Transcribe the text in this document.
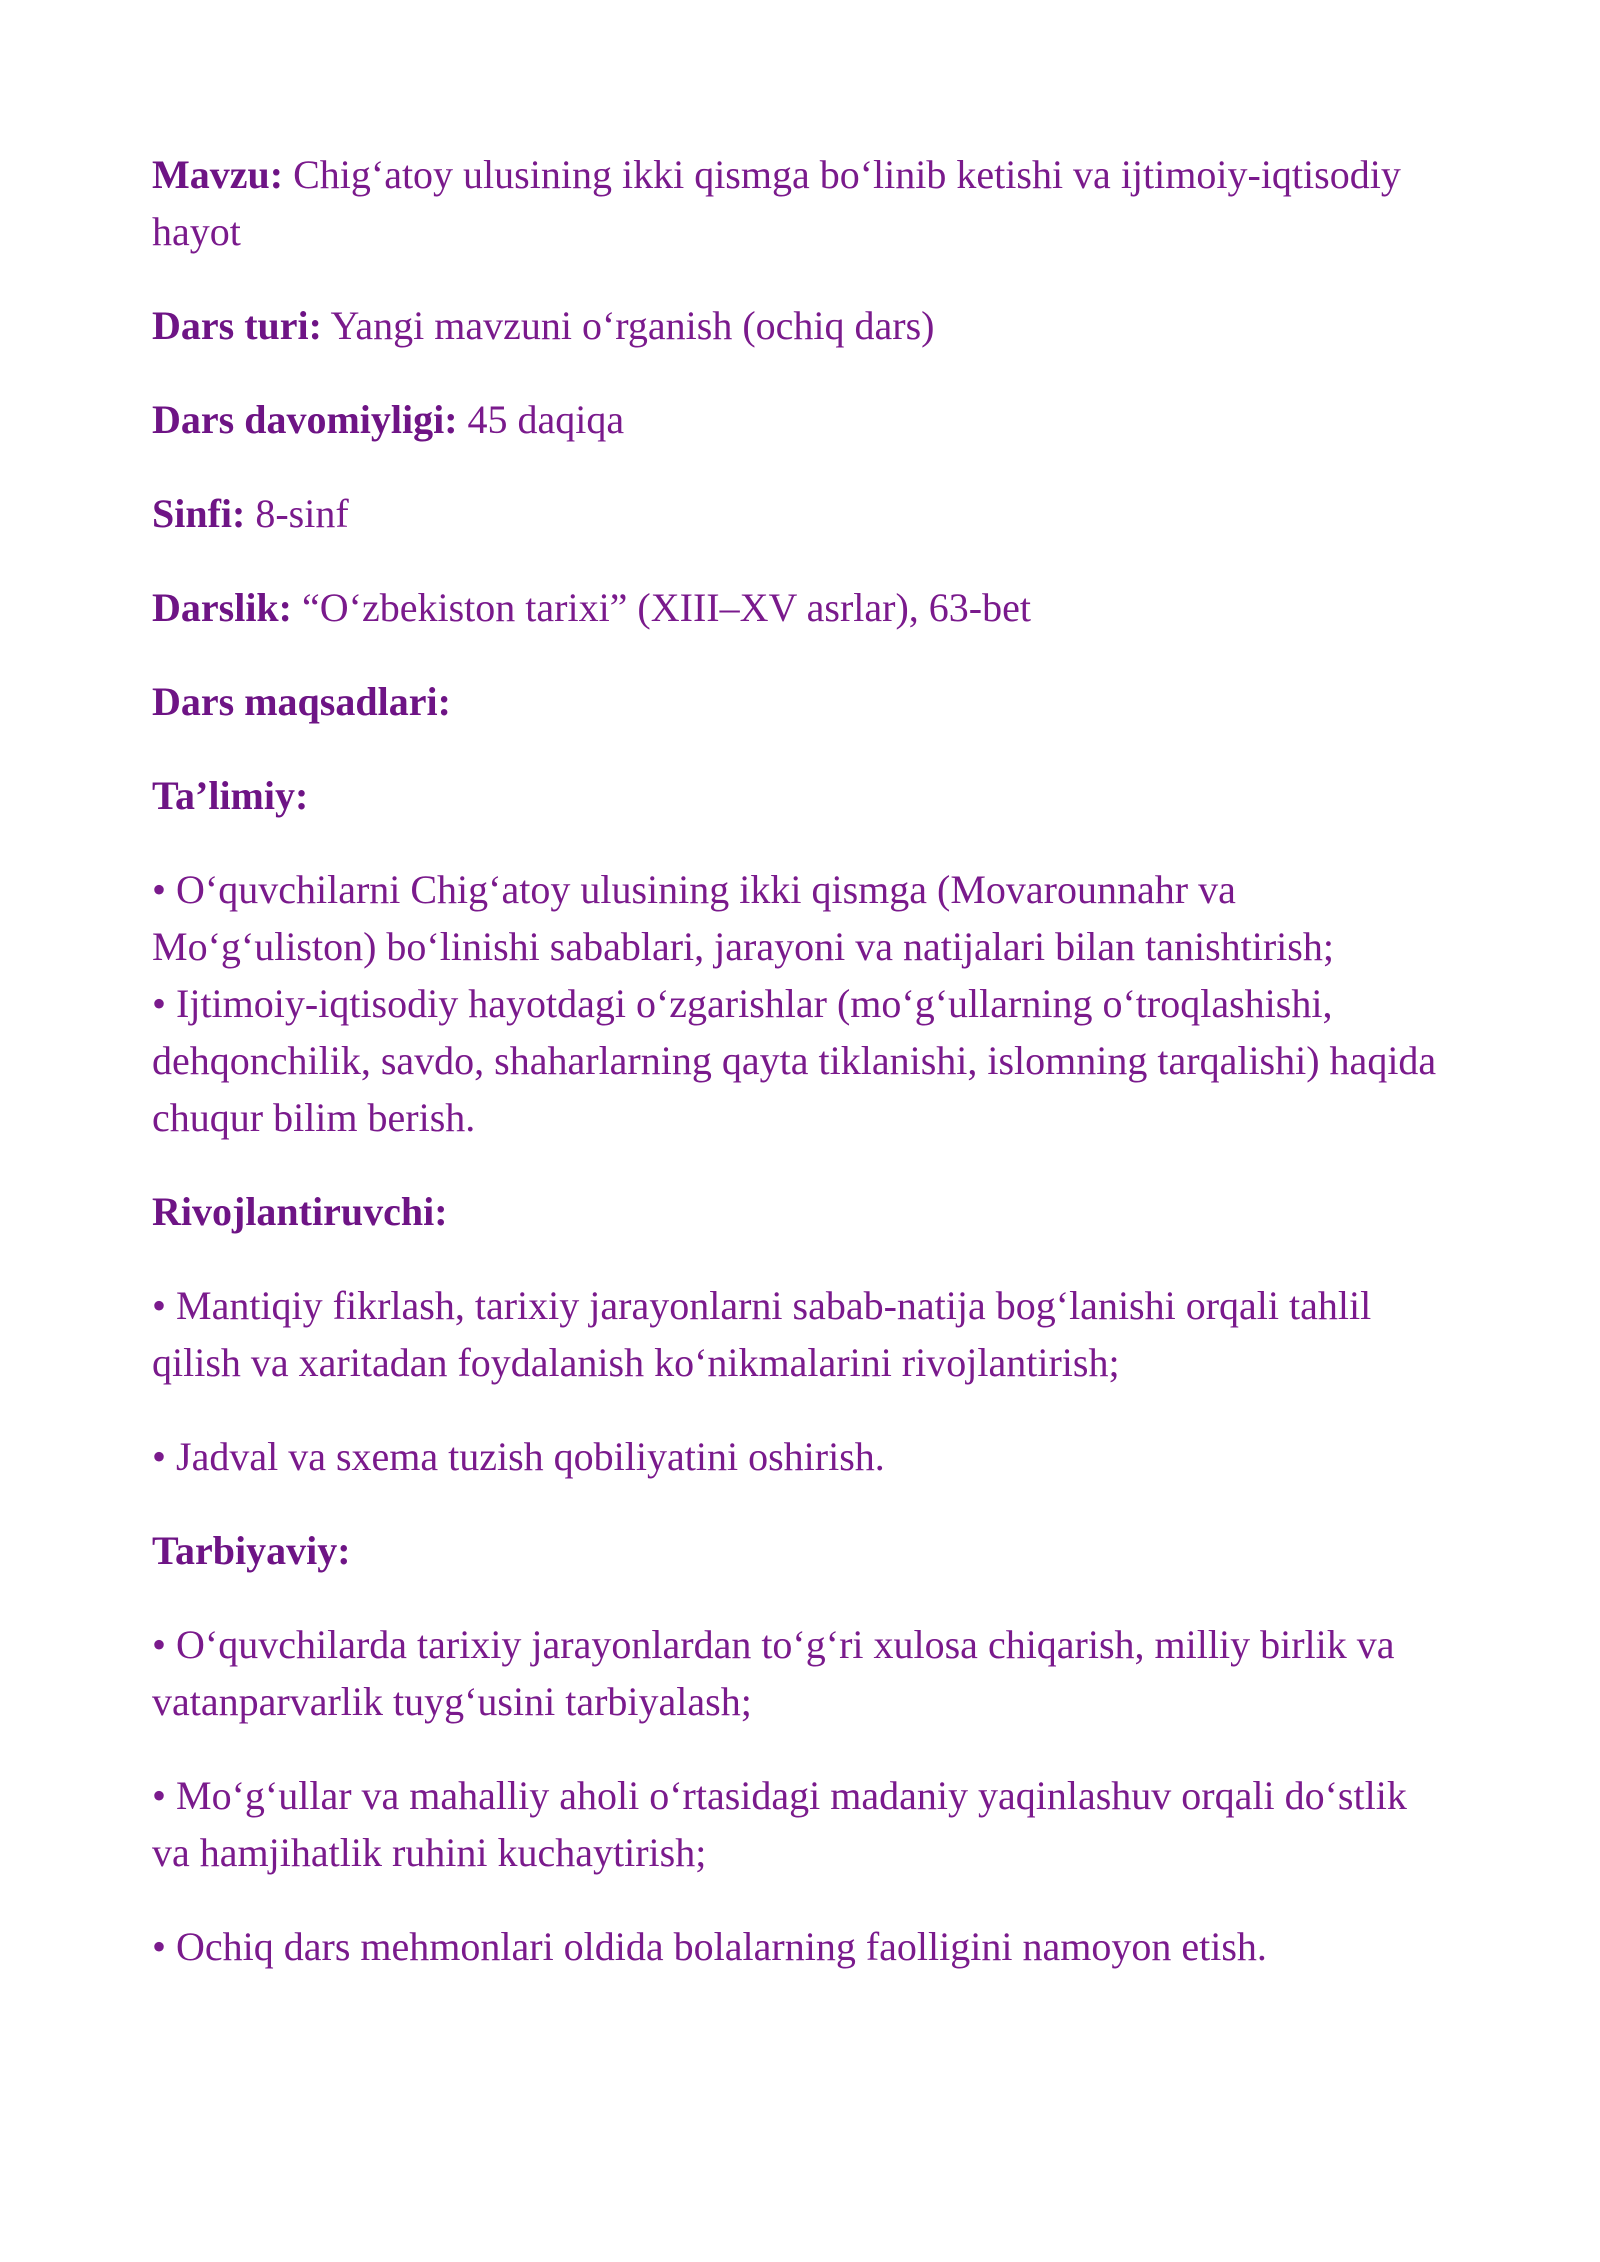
Mavzu: Chig‘atoy ulusining ikki qismga bo‘linib ketishi va ijtimoiy-iqtisodiy hayot

Dars turi: Yangi mavzuni o‘rganish (ochiq dars)

Dars davomiyligi: 45 daqiqa

Sinfi: 8-sinf

Darslik: “O‘zbekiston tarixi” (XIII–XV asrlar), 63-bet

Dars maqsadlari:
Ta’limiy:

• O‘quvchilarni Chig‘atoy ulusining ikki qismga (Movarounnahr va Mo‘g‘uliston) bo‘linishi sabablari, jarayoni va natijalari bilan tanishtirish;

• Ijtimoiy-iqtisodiy hayotdagi o‘zgarishlar (mo‘g‘ullarning o‘troqlashishi, dehqonchilik, savdo, shaharlarning qayta tiklanishi, islomning tarqalishi) haqida chuqur bilim berish.

Rivojlantiruvchi:

• Mantiqiy fikrlash, tarixiy jarayonlarni sabab-natija bog‘lanishi orqali tahlil qilish va xaritadan foydalanish ko‘nikmalarini rivojlantirish;

• Jadval va sxema tuzish qobiliyatini oshirish.

Tarbiyaviy:

• O‘quvchilarda tarixiy jarayonlardan to‘g‘ri xulosa chiqarish, milliy birlik va vatanparvarlik tuyg‘usini tarbiyalash;

• Mo‘g‘ullar va mahalliy aholi o‘rtasidagi madaniy yaqinlashuv orqali do‘stlik va hamjihatlik ruhini kuchaytirish;

• Ochiq dars mehmonlari oldida bolalarning faolligini namoyon etish.
